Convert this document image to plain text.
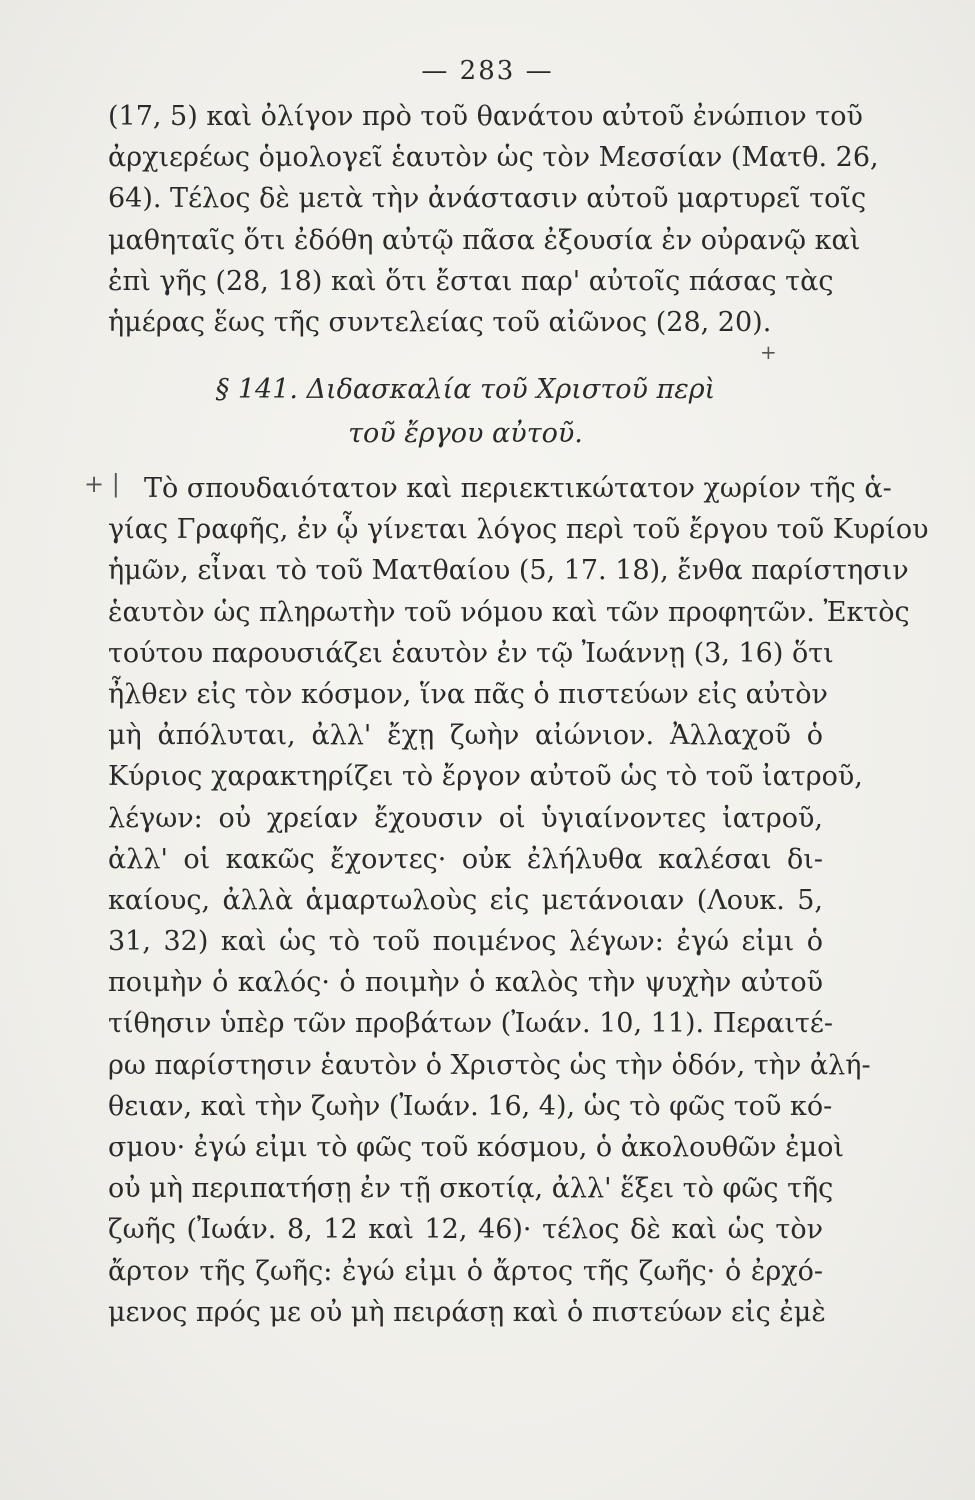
— 283 —
(17, 5) καὶ ὀλίγον πρὸ τοῦ θανάτου αὐτοῦ ἐνώπιον τοῦ
ἀρχιερέως ὁμολογεῖ ἑαυτὸν ὡς τὸν Μεσσίαν (Ματθ. 26,
64). Τέλος δὲ μετὰ τὴν ἀνάστασιν αὐτοῦ μαρτυρεῖ τοῖς
μαθηταῖς ὅτι ἐδόθη αὐτῷ πᾶσα ἐξουσία ἐν οὐρανῷ καὶ
ἐπὶ γῆς (28, 18) καὶ ὅτι ἔσται παρ' αὐτοῖς πάσας τὰς
ἡμέρας ἕως τῆς συντελείας τοῦ αἰῶνος (28, 20).
+
§ 141. Διδασκαλία τοῦ Χριστοῦ περὶ
τοῦ ἔργου αὐτοῦ.
+ | Τὸ σπουδαιότατον καὶ περιεκτικώτατον χωρίον τῆς ἁ-
γίας Γραφῆς, ἐν ᾧ γίνεται λόγος περὶ τοῦ ἔργου τοῦ Κυρίου
ἡμῶν, εἶναι τὸ τοῦ Ματθαίου (5, 17. 18), ἔνθα παρίστησιν
ἑαυτὸν ὡς πληρωτὴν τοῦ νόμου καὶ τῶν προφητῶν. Ἐκτὸς
τούτου παρουσιάζει ἑαυτὸν ἐν τῷ Ἰωάννῃ (3, 16) ὅτι
ἦλθεν εἰς τὸν κόσμον, ἵνα πᾶς ὁ πιστεύων εἰς αὐτὸν
μὴ ἀπόλυται, ἀλλ' ἔχῃ ζωὴν αἰώνιον. Ἀλλαχοῦ ὁ
Κύριος χαρακτηρίζει τὸ ἔργον αὐτοῦ ὡς τὸ τοῦ ἰατροῦ,
λέγων: οὐ χρείαν ἔχουσιν οἱ ὑγιαίνοντες ἰατροῦ,
ἀλλ' οἱ κακῶς ἔχοντες· οὐκ ἐλήλυθα καλέσαι δι-
καίους, ἀλλὰ ἁμαρτωλοὺς εἰς μετάνοιαν (Λουκ. 5,
31, 32) καὶ ὡς τὸ τοῦ ποιμένος λέγων: ἐγώ εἰμι ὁ
ποιμὴν ὁ καλός· ὁ ποιμὴν ὁ καλὸς τὴν ψυχὴν αὐτοῦ
τίθησιν ὑπὲρ τῶν προβάτων (Ἰωάν. 10, 11). Περαιτέ-
ρω παρίστησιν ἑαυτὸν ὁ Χριστὸς ὡς τὴν ὁδόν, τὴν ἀλή-
θειαν, καὶ τὴν ζωὴν (Ἰωάν. 16, 4), ὡς τὸ φῶς τοῦ κό-
σμου· ἐγώ εἰμι τὸ φῶς τοῦ κόσμου, ὁ ἀκολουθῶν ἐμοὶ
οὐ μὴ περιπατήσῃ ἐν τῇ σκοτίᾳ, ἀλλ' ἕξει τὸ φῶς τῆς
ζωῆς (Ἰωάν. 8, 12 καὶ 12, 46)· τέλος δὲ καὶ ὡς τὸν
ἄρτον τῆς ζωῆς: ἐγώ εἰμι ὁ ἄρτος τῆς ζωῆς· ὁ ἐρχό-
μενος πρός με οὐ μὴ πειράσῃ καὶ ὁ πιστεύων εἰς ἐμὲ
